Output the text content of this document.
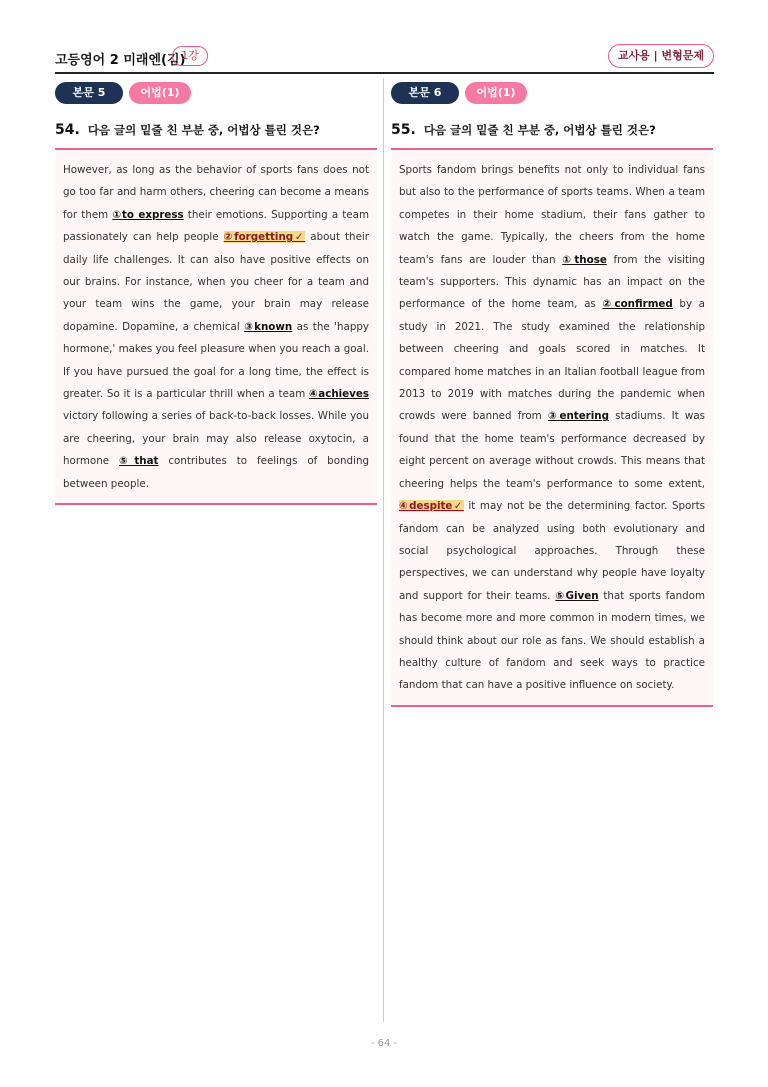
고등영어 2 미래엔(김)
1강	교사용 | 변형문제
본문 5	어법(1)
54. 다음 글의 밑줄 친 부분 중, 어법상 틀린 것은?

However, as long as the behavior of sports fans does not go too far and harm others, cheering can become a means for them ①to express their emotions. Supporting a team passionately can help people ②forgetting✓ about their daily life challenges. It can also have positive effects on our brains. For instance, when you cheer for a team and your team wins the game, your brain may release dopamine. Dopamine, a chemical ③known as the 'happy hormone,' makes you feel pleasure when you reach a goal. If you have pursued the goal for a long time, the effect is greater. So it is a particular thrill when a team ④achieves victory following a series of back-to-back losses. While you are cheering, your brain may also release oxytocin, a hormone ⑤that contributes to feelings of bonding between people.

본문 6	어법(1)
55. 다음 글의 밑줄 친 부분 중, 어법상 틀린 것은?

Sports fandom brings benefits not only to individual fans but also to the performance of sports teams. When a team competes in their home stadium, their fans gather to watch the game. Typically, the cheers from the home team's fans are louder than ①those from the visiting team's supporters. This dynamic has an impact on the performance of the home team, as ②confirmed by a study in 2021. The study examined the relationship between cheering and goals scored in matches. It compared home matches in an Italian football league from 2013 to 2019 with matches during the pandemic when crowds were banned from ③entering stadiums. It was found that the home team's performance decreased by eight percent on average without crowds. This means that cheering helps the team's performance to some extent, ④despite✓ it may not be the determining factor. Sports fandom can be analyzed using both evolutionary and social psychological approaches. Through these perspectives, we can understand why people have loyalty and support for their teams. ⑤Given that sports fandom has become more and more common in modern times, we should think about our role as fans. We should establish a healthy culture of fandom and seek ways to practice fandom that can have a positive influence on society.

- 64 -
